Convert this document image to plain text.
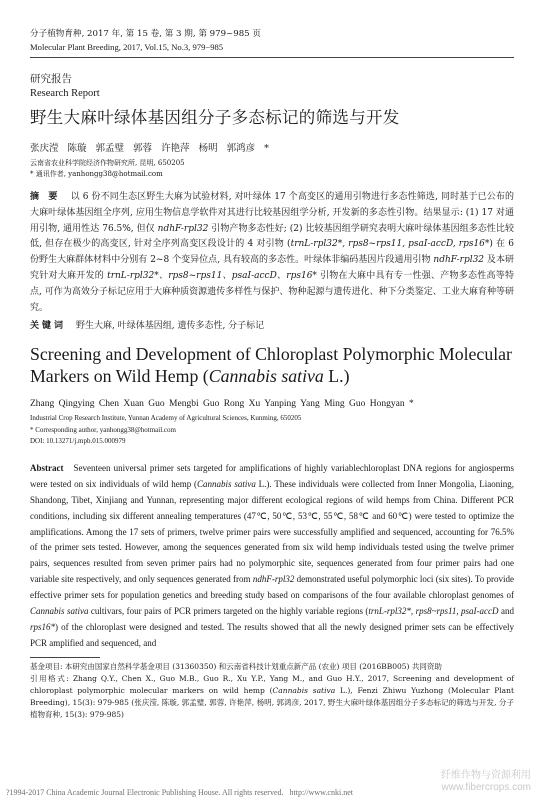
分子植物育种, 2017 年, 第 15 卷, 第 3 期, 第 979~985 页
Molecular Plant Breeding, 2017, Vol.15, No.3, 979−985
研究报告
Research Report
野生大麻叶绿体基因组分子多态标记的筛选与开发
张庆滢 陈璇 郭孟璧 郭蓉 许艳萍 杨明 郭鸿彦 *
云南省农业科学院经济作物研究所, 昆明, 650205
* 通讯作者, yanhongg38@hotmail.com
摘 要 以 6 份不同生态区野生大麻为试验材料, 对叶绿体 17 个高变区的通用引物进行多态性筛选, 同时基于已公布的大麻叶绿体基因组全序列, 应用生物信息学软件对其进行比较基因组学分析, 开发新的多态性引物。结果显示: (1) 17 对通用引物, 通用性达 76.5%, 但仅 ndhF-rpl32 引物产物多态性好; (2) 比较基因组学研究表明大麻叶绿体基因组多态性比较低, 但存在极少的高变区, 针对全序列高变区段设计的 4 对引物 (trnL-rpl32*, rps8~rps11, psaI-accD, rps16*) 在 6 份野生大麻群体材料中分别有 2~8 个变异位点, 具有较高的多态性。叶绿体非编码基因片段通用引物 ndhF-rpl32 及本研究针对大麻开发的 trnL-rpl32*、rps8~rps11、psaI-accD、rps16* 引物在大麻中具有专一性强、产物多态性高等特点, 可作为高效分子标记应用于大麻种质资源遗传多样性与保护、物种起源与遗传进化、种下分类鉴定、工业大麻育种等研究。
关键词 野生大麻, 叶绿体基因组, 遗传多态性, 分子标记
Screening and Development of Chloroplast Polymorphic Molecular Markers on Wild Hemp (Cannabis sativa L.)
Zhang Qingying Chen Xuan Guo Mengbi Guo Rong Xu Yanping Yang Ming Guo Hongyan *
Industrial Crop Research Institute, Yunnan Academy of Agricultural Sciences, Kunming, 650205
* Corresponding author, yanhongg38@hotmail.com
DOI: 10.13271/j.mpb.015.000979
Abstract Seventeen universal primer sets targeted for amplifications of highly variablechloroplast DNA regions for angiosperms were tested on six individuals of wild hemp (Cannabis sativa L.). These individuals were collected from Inner Mongolia, Liaoning, Shandong, Tibet, Xinjiang and Yunnan, representing major different ecological regions of wild hemps from China. Different PCR conditions, including six different annealing temperatures (47℃, 50℃, 53℃, 55℃, 58℃ and 60℃) were tested to optimize the amplifications. Among the 17 sets of primers, twelve primer pairs were successfully amplified and sequenced, accounting for 76.5% of the primer sets tested. However, among the sequences generated from six wild hemp individuals tested using the twelve primer pairs, sequences resulted from seven primer pairs had no polymorphic site, sequences generated from four primer pairs had one variable site respectively, and only sequences generated from ndhF-rpl32 demonstrated useful polymorphic loci (six sites). To provide effective primer sets for population genetics and breeding study based on comparisons of the four available chloroplast genomes of Cannabis sativa cultivars, four pairs of PCR primers targeted on the highly variable regions (trnL-rpl32*, rps8~rps11, psaI-accD and rps16*) of the chloroplast were designed and tested. The results showed that all the newly designed primer sets can be effectively PCR amplified and sequenced, and
基金项目: 本研究由国家自然科学基金项目 (31360350) 和云南省科技计划重点新产品 (农业) 项目 (2016BB005) 共同资助
引用格式: Zhang Q.Y., Chen X., Guo M.B., Guo R., Xu Y.P., Yang M., and Guo H.Y., 2017, Screening and development of chloroplast polymorphic molecular markers on wild hemp (Cannabis sativa L.), Fenzi Zhiwu Yuzhong (Molecular Plant Breeding), 15(3): 979-985 (张庆滢, 陈璇, 郭孟璧, 郭蓉, 许艳萍, 杨明, 郭鸿彦, 2017, 野生大麻叶绿体基因组分子多态标记的筛选与开发, 分子植物育种, 15(3): 979-985)
纤维作物与资源利用
www.fibercrops.com
?1994-2017 China Academic Journal Electronic Publishing House. All rights reserved. http://www.cnki.net
